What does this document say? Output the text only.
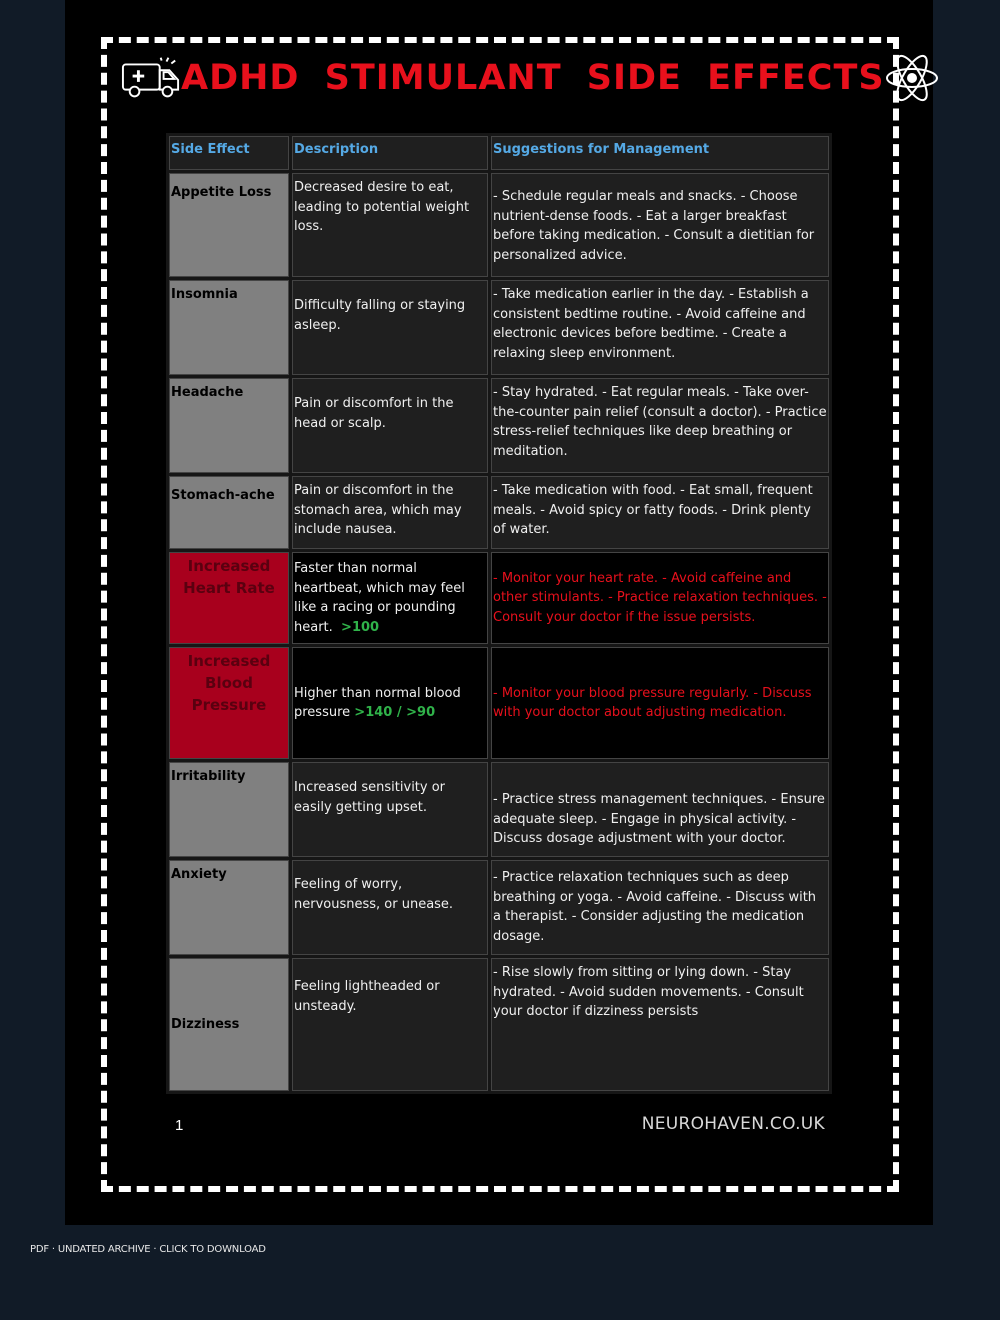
ADHD STIMULANT SIDE EFFECTS
Side Effect	Description	Suggestions for Management
Appetite Loss	Decreased desire to eat, leading to potential weight loss.	- Schedule regular meals and snacks. - Choose nutrient-dense foods. - Eat a larger breakfast before taking medication. - Consult a dietitian for personalized advice.
Insomnia	Difficulty falling or staying asleep.	- Take medication earlier in the day. - Establish a consistent bedtime routine. - Avoid caffeine and electronic devices before bedtime. - Create a relaxing sleep environment.
Headache	Pain or discomfort in the head or scalp.	- Stay hydrated. - Eat regular meals. - Take over-the-counter pain relief (consult a doctor). - Practice stress-relief techniques like deep breathing or meditation.
Stomach-ache	Pain or discomfort in the stomach area, which may include nausea.	- Take medication with food. - Eat small, frequent meals. - Avoid spicy or fatty foods. - Drink plenty of water.
Increased Heart Rate	Faster than normal heartbeat, which may feel like a racing or pounding heart. >100	- Monitor your heart rate. - Avoid caffeine and other stimulants. - Practice relaxation techniques. - Consult your doctor if the issue persists.
Increased Blood Pressure	Higher than normal blood pressure >140 / >90	- Monitor your blood pressure regularly. - Discuss with your doctor about adjusting medication.
Irritability	Increased sensitivity or easily getting upset.	- Practice stress management techniques. - Ensure adequate sleep. - Engage in physical activity. - Discuss dosage adjustment with your doctor.
Anxiety	Feeling of worry, nervousness, or unease.	- Practice relaxation techniques such as deep breathing or yoga. - Avoid caffeine. - Discuss with a therapist. - Consider adjusting the medication dosage.
Dizziness	Feeling lightheaded or unsteady.	- Rise slowly from sitting or lying down. - Stay hydrated. - Avoid sudden movements. - Consult your doctor if dizziness persists
1	NEUROHAVEN.CO.UK
PDF · UNDATED ARCHIVE · CLICK TO DOWNLOAD
